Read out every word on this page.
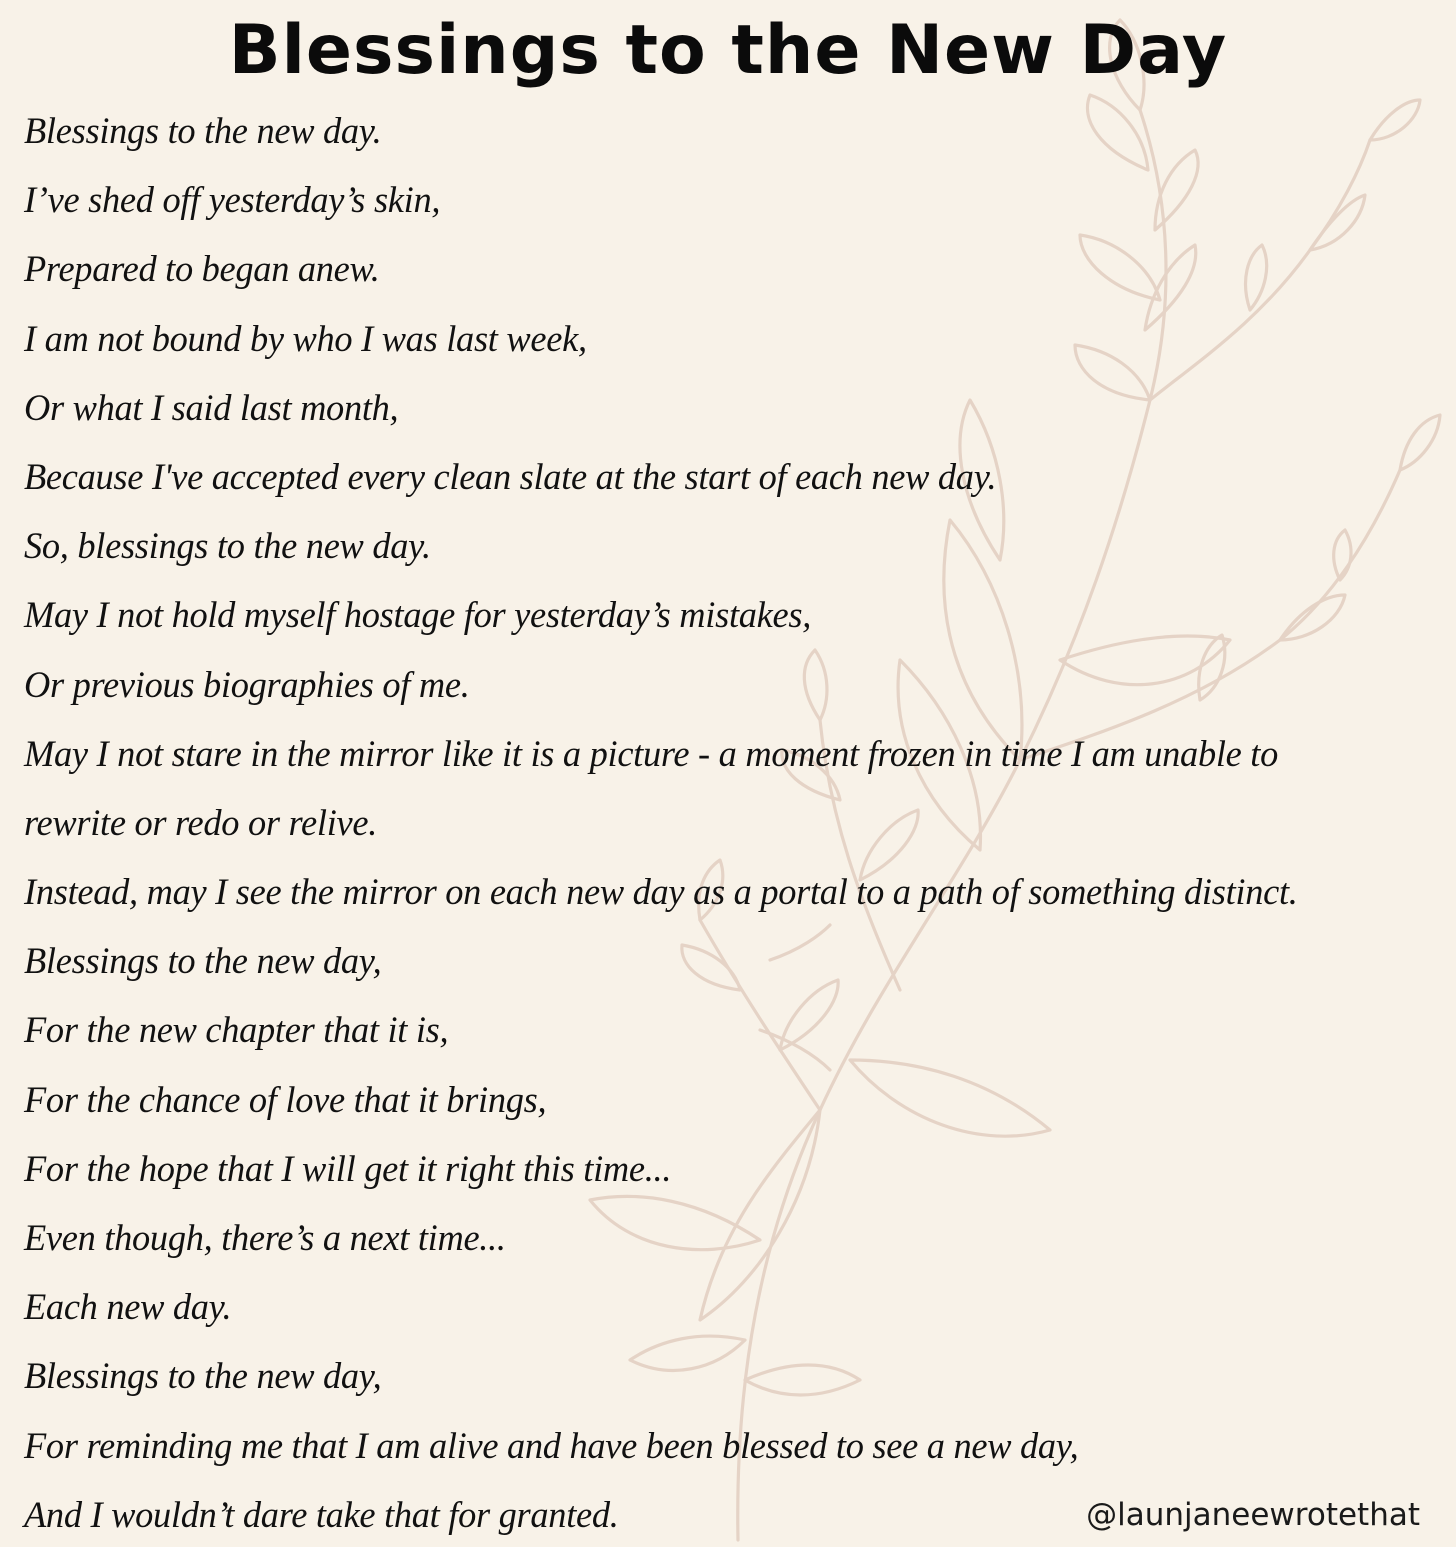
Blessings to the New Day
Blessings to the new day.
I’ve shed off yesterday’s skin,
Prepared to began anew.
I am not bound by who I was last week,
Or what I said last month,
Because I've accepted every clean slate at the start of each new day.
So, blessings to the new day.
May I not hold myself hostage for yesterday’s mistakes,
Or previous biographies of me.
May I not stare in the mirror like it is a picture - a moment frozen in time I am unable to
rewrite or redo or relive.
Instead, may I see the mirror on each new day as a portal to a path of something distinct.
Blessings to the new day,
For the new chapter that it is,
For the chance of love that it brings,
For the hope that I will get it right this time...
Even though, there’s a next time...
Each new day.
Blessings to the new day,
For reminding me that I am alive and have been blessed to see a new day,
And I wouldn’t dare take that for granted.	@launjaneewrotethat
